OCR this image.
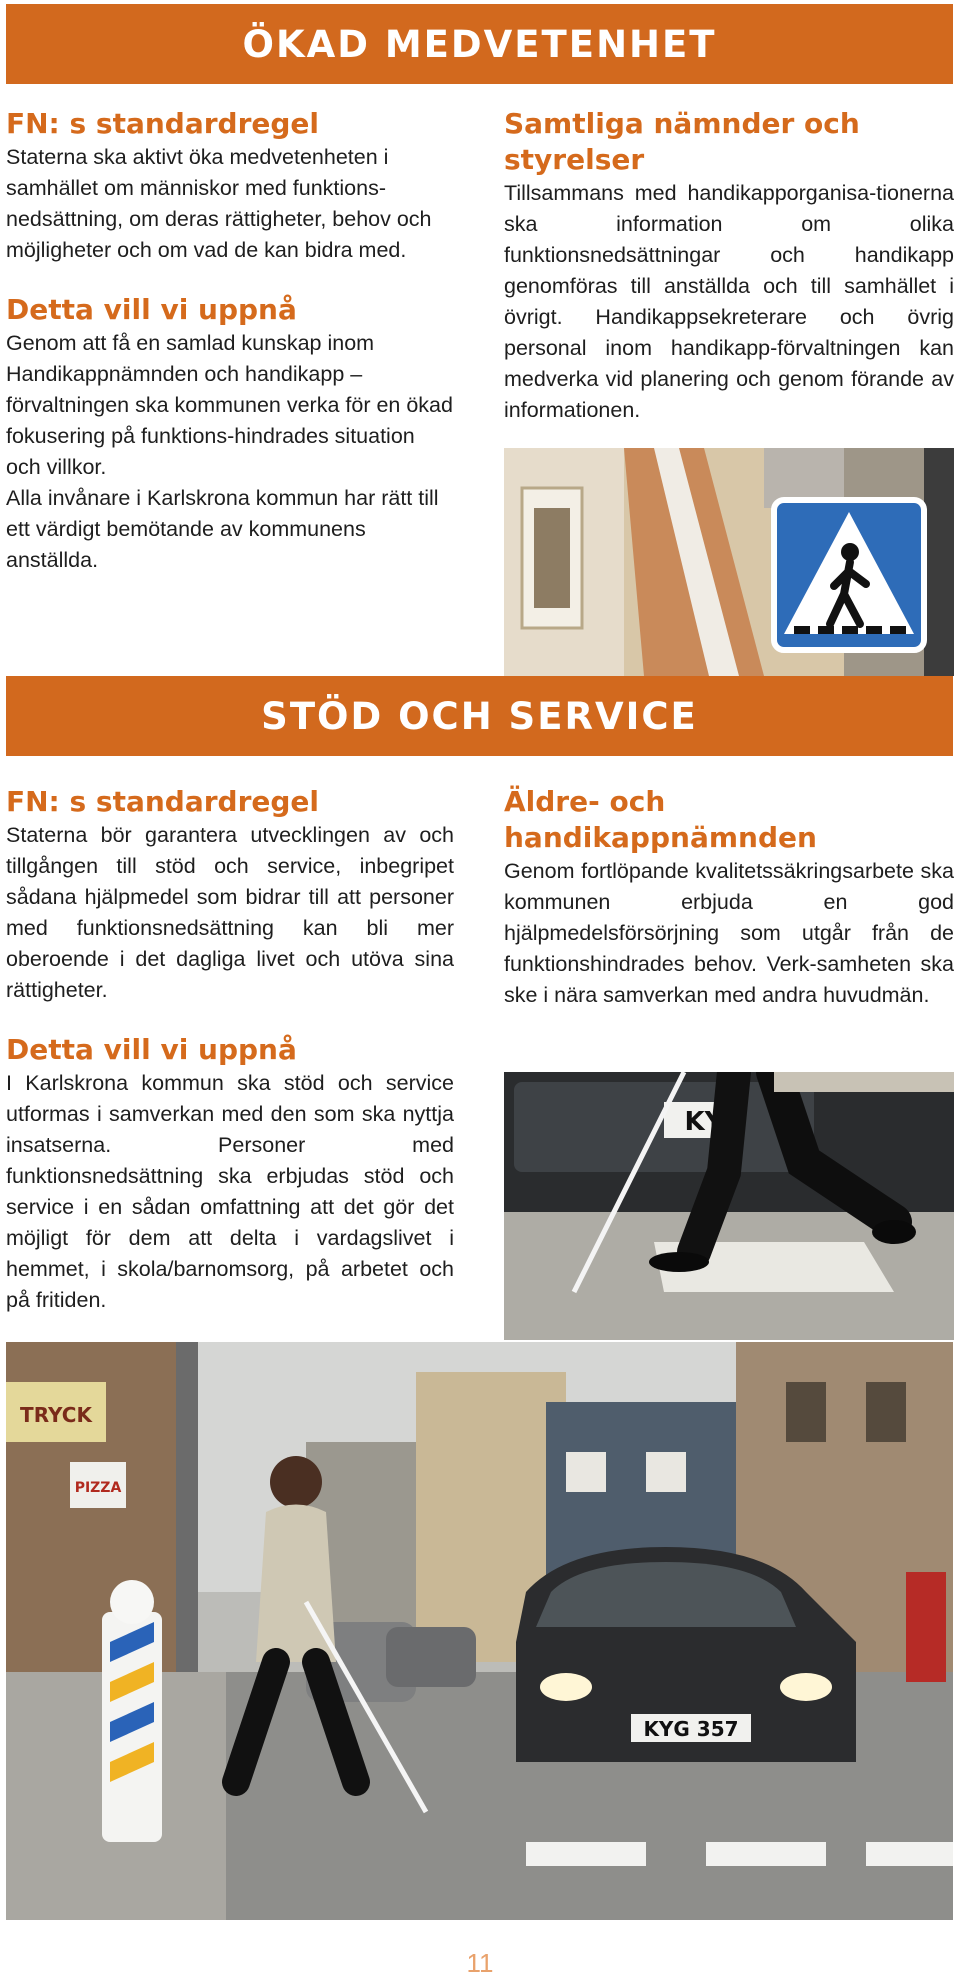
ÖKAD MEDVETENHET
FN: s standardregel

Staterna ska aktivt öka medvetenheten i samhället om människor med funktions-nedsättning, om deras rättigheter, behov och möjligheter och om vad de kan bidra med.

Detta vill vi uppnå

Genom att få en samlad kunskap inom Handikappnämnden och handikapp – förvaltningen ska kommunen verka för en ökad fokusering på funktions-hindrades situation och villkor.

Alla invånare i Karlskrona kommun har rätt till ett värdigt bemötande av kommunens anställda.

Samtliga nämnder och styrelser

Tillsammans med handikapporganisa-tionerna ska information om olika funktionsnedsättningar och handikapp genomföras till anställda och till samhället i övrigt. Handikappsekreterare och övrig personal inom handikapp-förvaltningen kan medverka vid planering och genom förande av informationen.

STÖD OCH SERVICE
FN: s standardregel

Staterna bör garantera utvecklingen av och tillgången till stöd och service, inbegripet sådana hjälpmedel som bidrar till att personer med funktionsnedsättning kan bli mer oberoende i det dagliga livet och utöva sina rättigheter.

Detta vill vi uppnå

I Karlskrona kommun ska stöd och service utformas i samverkan med den som ska nyttja insatserna. Personer med funktionsnedsättning ska erbjudas stöd och service i en sådan omfattning att det gör det möjligt för dem att delta i vardagslivet i hemmet, i skola/barnomsorg, på arbetet och på fritiden.

Äldre- och handikappnämnden

Genom fortlöpande kvalitetssäkringsarbete ska kommunen erbjuda en god hjälpmedelsförsörjning som utgår från de funktionshindrades behov. Verk-samheten ska ske i nära samverkan med andra huvudmän.

KY
TRYCK
PIZZA
KYG 357
11
